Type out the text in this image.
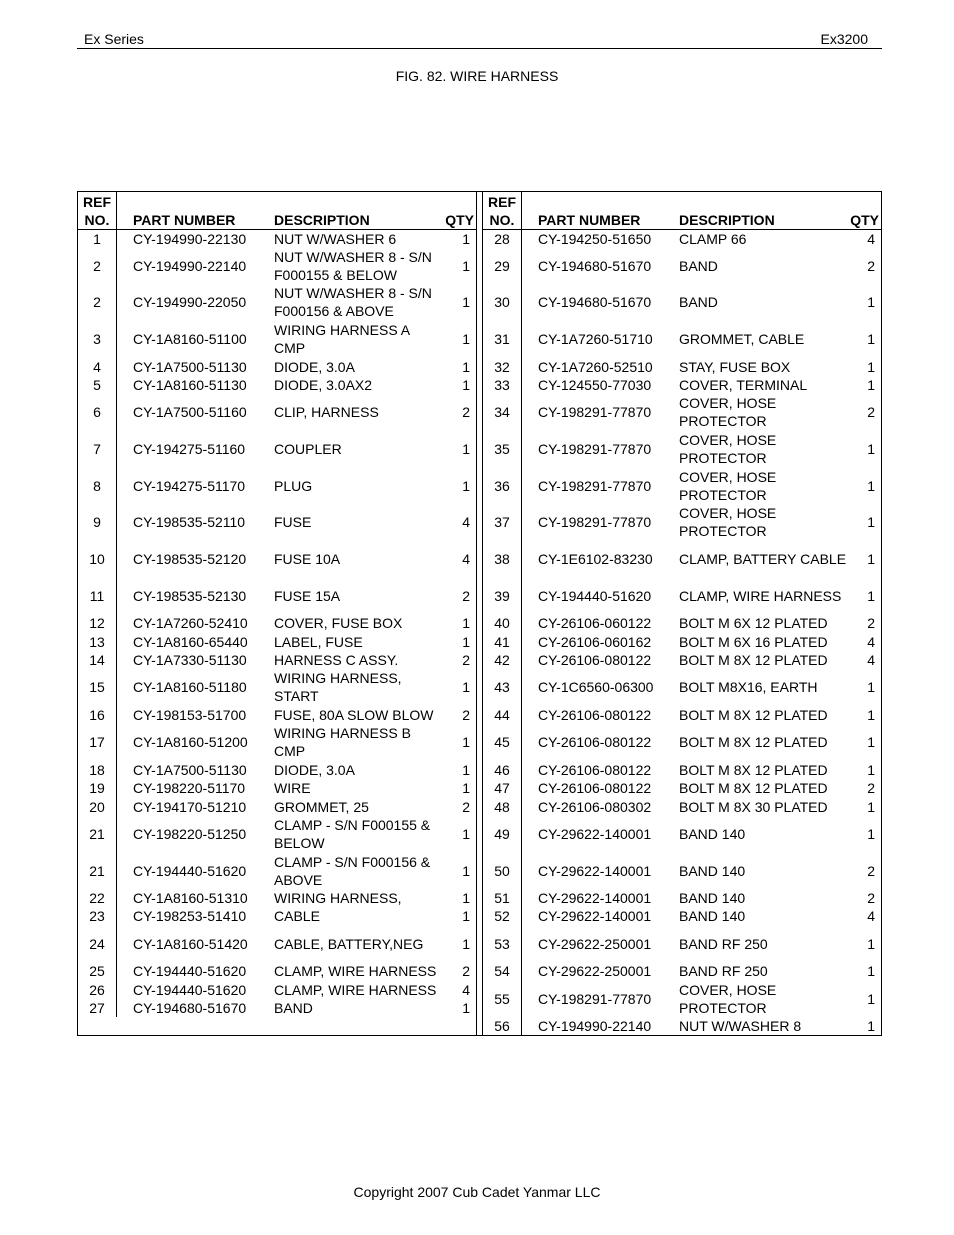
Ex Series	Ex3200
FIG. 82. WIRE HARNESS
REF
NO.	PART NUMBER	DESCRIPTION	QTY
1	CY-194990-22130	NUT W/WASHER 6	1
2	CY-194990-22140	NUT W/WASHER 8 - S/N F000155 & BELOW	1
2	CY-194990-22050	NUT W/WASHER 8 - S/N F000156 & ABOVE	1
3	CY-1A8160-51100	WIRING HARNESS A CMP	1
4	CY-1A7500-51130	DIODE, 3.0A	1
5	CY-1A8160-51130	DIODE, 3.0AX2	1
6	CY-1A7500-51160	CLIP, HARNESS	2
7	CY-194275-51160	COUPLER	1
8	CY-194275-51170	PLUG	1
9	CY-198535-52110	FUSE	4
10	CY-198535-52120	FUSE 10A	4
11	CY-198535-52130	FUSE 15A	2
12	CY-1A7260-52410	COVER, FUSE BOX	1
13	CY-1A8160-65440	LABEL, FUSE	1
14	CY-1A7330-51130	HARNESS C ASSY.	2
15	CY-1A8160-51180	WIRING HARNESS, START	1
16	CY-198153-51700	FUSE, 80A SLOW BLOW	2
17	CY-1A8160-51200	WIRING HARNESS B CMP	1
18	CY-1A7500-51130	DIODE, 3.0A	1
19	CY-198220-51170	WIRE	1
20	CY-194170-51210	GROMMET, 25	2
21	CY-198220-51250	CLAMP - S/N F000155 & BELOW	1
21	CY-194440-51620	CLAMP - S/N F000156 & ABOVE	1
22	CY-1A8160-51310	WIRING HARNESS,	1
23	CY-198253-51410	CABLE	1
24	CY-1A8160-51420	CABLE, BATTERY,NEG	1
25	CY-194440-51620	CLAMP, WIRE HARNESS	2
26	CY-194440-51620	CLAMP, WIRE HARNESS	4
27	CY-194680-51670	BAND	1
REF
NO.	PART NUMBER	DESCRIPTION	QTY
28	CY-194250-51650	CLAMP 66	4
29	CY-194680-51670	BAND	2
30	CY-194680-51670	BAND	1
31	CY-1A7260-51710	GROMMET, CABLE	1
32	CY-1A7260-52510	STAY, FUSE BOX	1
33	CY-124550-77030	COVER, TERMINAL	1
34	CY-198291-77870	COVER, HOSE PROTECTOR	2
35	CY-198291-77870	COVER, HOSE PROTECTOR	1
36	CY-198291-77870	COVER, HOSE PROTECTOR	1
37	CY-198291-77870	COVER, HOSE PROTECTOR	1
38	CY-1E6102-83230	CLAMP, BATTERY CABLE	1
39	CY-194440-51620	CLAMP, WIRE HARNESS	1
40	CY-26106-060122	BOLT M 6X 12 PLATED	2
41	CY-26106-060162	BOLT M 6X 16 PLATED	4
42	CY-26106-080122	BOLT M 8X 12 PLATED	4
43	CY-1C6560-06300	BOLT M8X16, EARTH	1
44	CY-26106-080122	BOLT M 8X 12 PLATED	1
45	CY-26106-080122	BOLT M 8X 12 PLATED	1
46	CY-26106-080122	BOLT M 8X 12 PLATED	1
47	CY-26106-080122	BOLT M 8X 12 PLATED	2
48	CY-26106-080302	BOLT M 8X 30 PLATED	1
49	CY-29622-140001	BAND 140	1
50	CY-29622-140001	BAND 140	2
51	CY-29622-140001	BAND 140	2
52	CY-29622-140001	BAND 140	4
53	CY-29622-250001	BAND RF 250	1
54	CY-29622-250001	BAND RF 250	1
55	CY-198291-77870	COVER, HOSE PROTECTOR	1
56	CY-194990-22140	NUT W/WASHER 8	1
Copyright 2007 Cub Cadet Yanmar LLC
